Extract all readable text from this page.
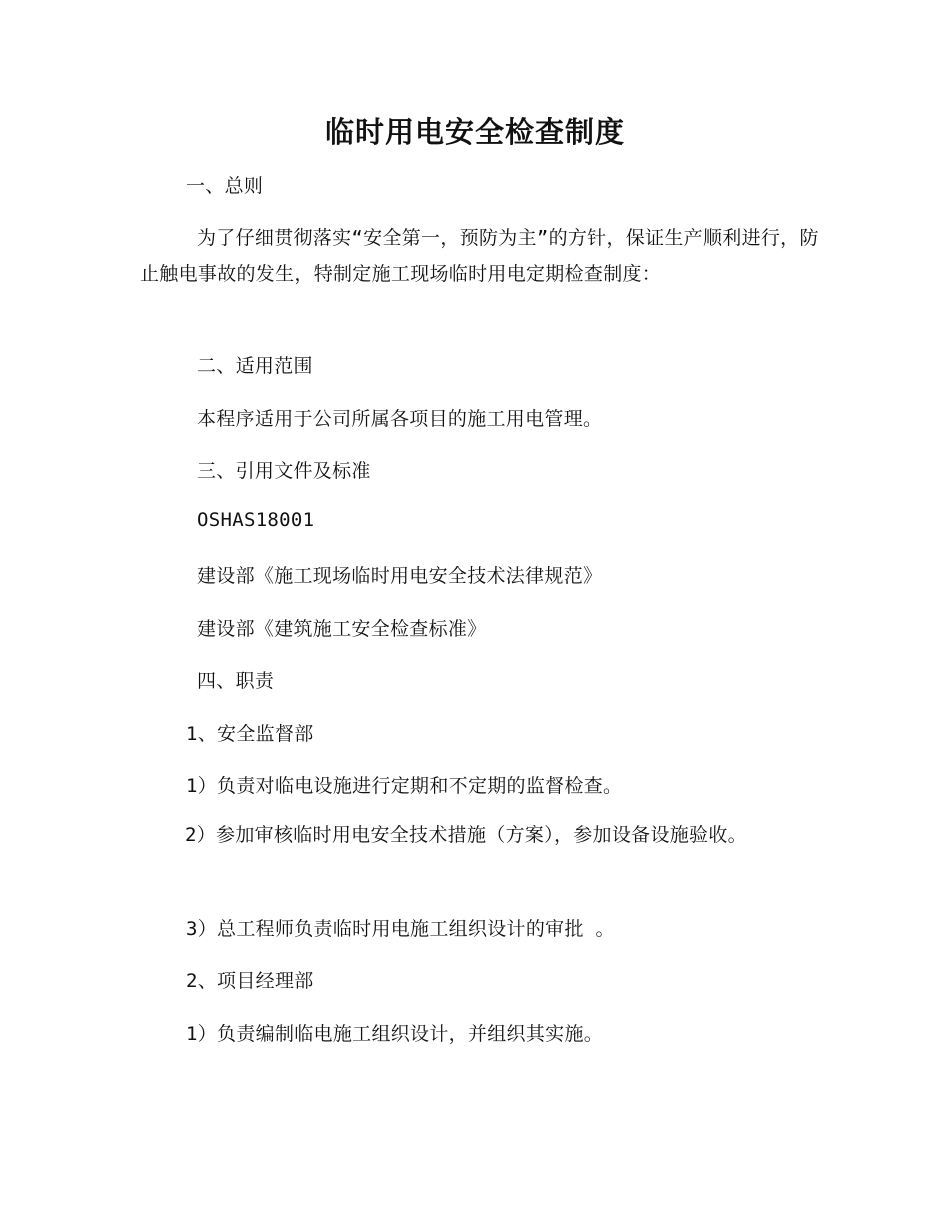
临时用电安全检查制度

一、总则

为了仔细贯彻落实“安全第一，预防为主”的方针，保证生产顺利进行，防止触电事故的发生，特制定施工现场临时用电定期检查制度：

二、适用范围

本程序适用于公司所属各项目的施工用电管理。

三、引用文件及标准

OSHAS18001

建设部《施工现场临时用电安全技术法律规范》

建设部《建筑施工安全检查标准》

四、职责

1、安全监督部

1）负责对临电设施进行定期和不定期的监督检查。

2）参加审核临时用电安全技术措施（方案），参加设备设施验收。

3）总工程师负责临时用电施工组织设计的审批 。

2、项目经理部

1）负责编制临电施工组织设计，并组织其实施。
